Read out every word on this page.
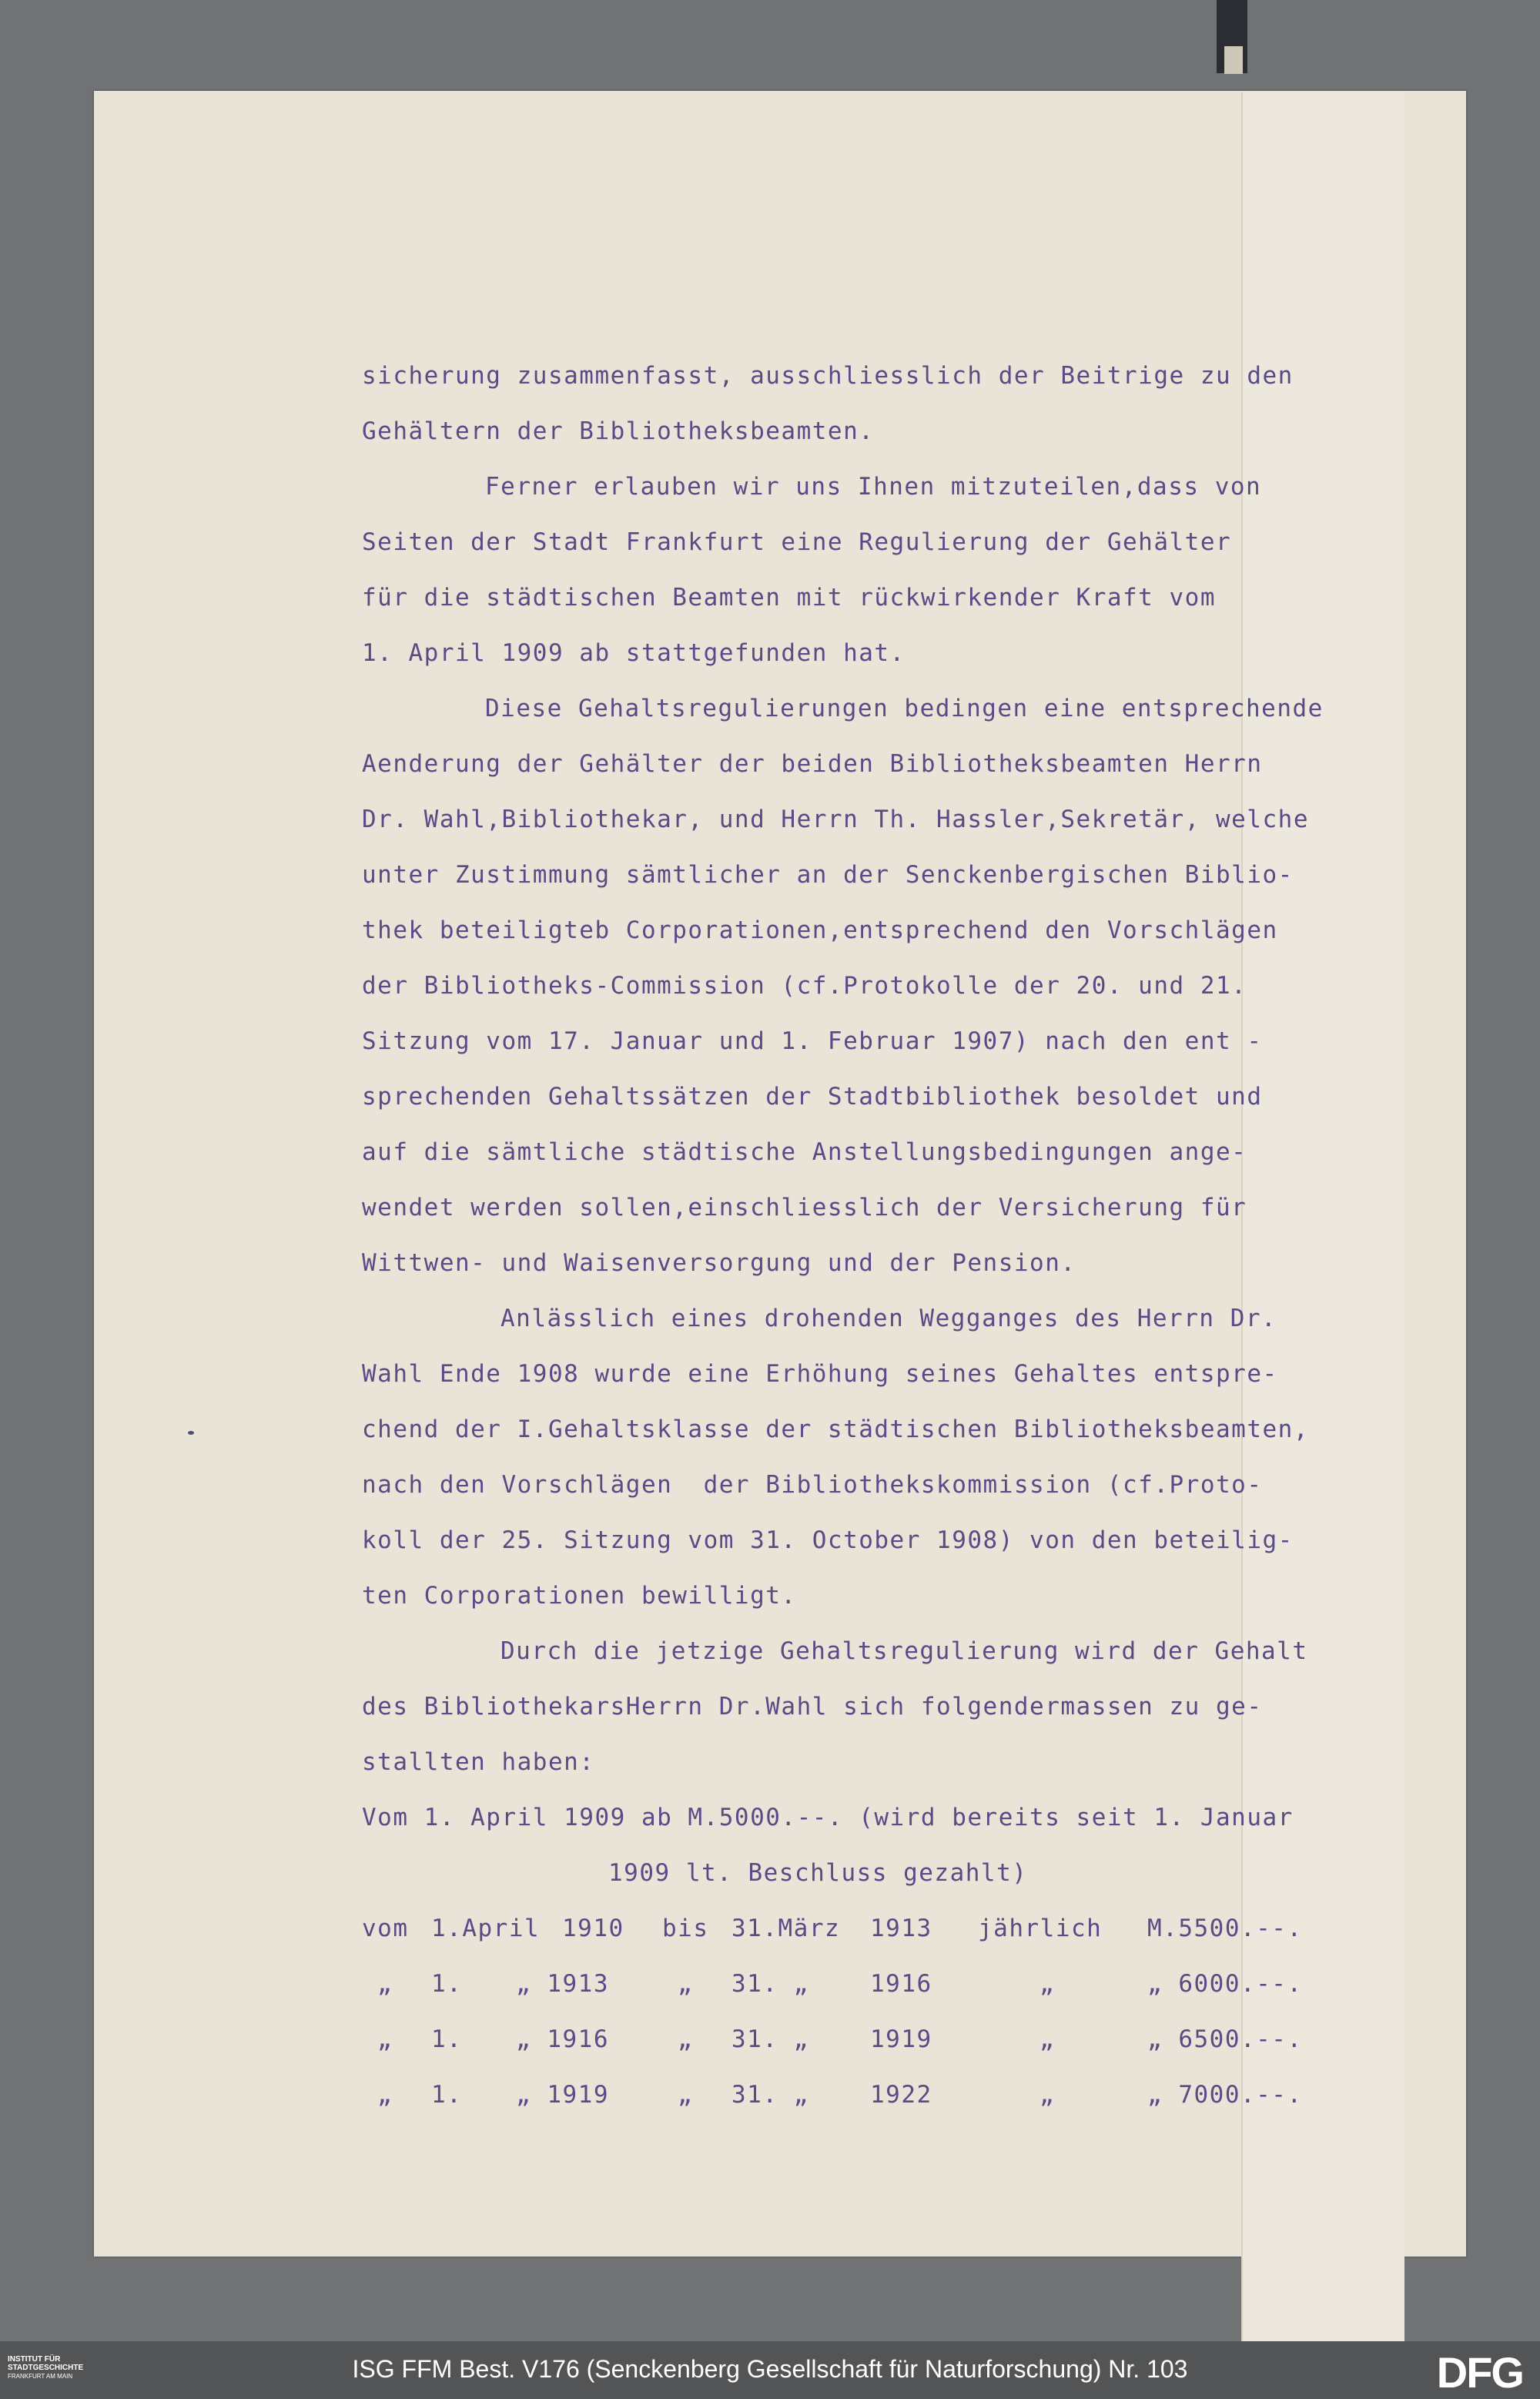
sicherung zusammenfasst, ausschliesslich der Beitrige zu den

Gehältern der Bibliotheksbeamten.

Ferner erlauben wir uns Ihnen mitzuteilen,dass von

Seiten der Stadt Frankfurt eine Regulierung der Gehälter

für die städtischen Beamten mit rückwirkender Kraft vom

1. April 1909 ab stattgefunden hat.

Diese Gehaltsregulierungen bedingen eine entsprechende

Aenderung der Gehälter der beiden Bibliotheksbeamten Herrn

Dr. Wahl,Bibliothekar, und Herrn Th. Hassler,Sekretär, welche

unter Zustimmung sämtlicher an der Senckenbergischen Biblio-

thek beteiligteb Corporationen,entsprechend den Vorschlägen

der Bibliotheks-Commission (cf.Protokolle der 20. und 21.

Sitzung vom 17. Januar und 1. Februar 1907) nach den ent -

sprechenden Gehaltssätzen der Stadtbibliothek besoldet und

auf die sämtliche städtische Anstellungsbedingungen ange-

wendet werden sollen,einschliesslich der Versicherung für

Wittwen- und Waisenversorgung und der Pension.

Anlässlich eines drohenden Wegganges des Herrn Dr.

Wahl Ende 1908 wurde eine Erhöhung seines Gehaltes entspre-

chend der I.Gehaltsklasse der städtischen Bibliotheksbeamten,

nach den Vorschlägen  der Bibliothekskommission (cf.Proto-

koll der 25. Sitzung vom 31. October 1908) von den beteilig-

ten Corporationen bewilligt.

Durch die jetzige Gehaltsregulierung wird der Gehalt

des BibliothekarsHerrn Dr.Wahl sich folgendermassen zu ge-

stallten haben:

Vom 1. April 1909 ab M.5000.--. (wird bereits seit 1. Januar

1909 lt. Beschluss gezahlt)

vom 1.April 1910 bis 31.März 1913 jährlich M.5500.--.
„ 1. „ 1913	„ 31. „	1916	„	„ 6000.--.
„ 1. „ 1916	„ 31. „	1919	„	„ 6500.--.
„ 1. „ 1919	„ 31. „	1922	„	„ 7000.--.
INSTITUT FÜR
STADTGESCHICHTE
FRANKFURT AM MAIN	ISG FFM Best. V176 (Senckenberg Gesellschaft für Naturforschung) Nr. 103	DFG
